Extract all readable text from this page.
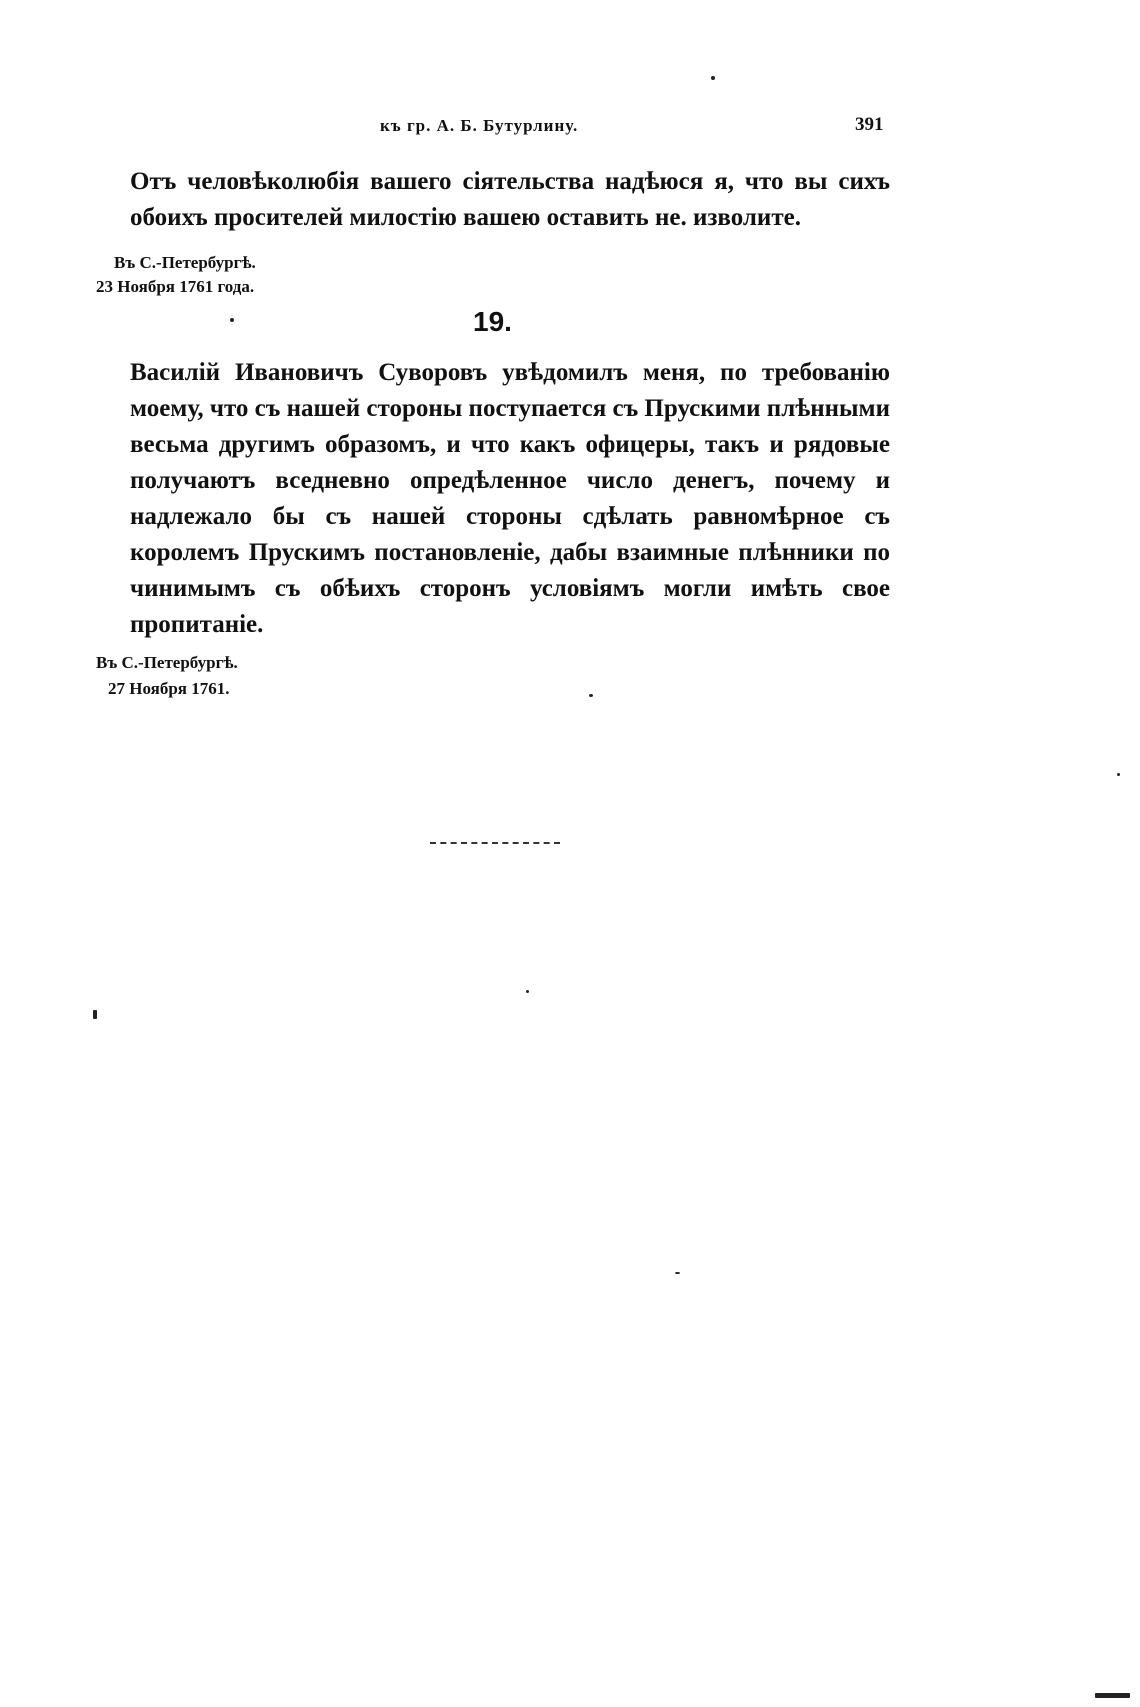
къ гр. А. Б. Бутурлину.	391

Отъ человѣколюбія вашего сіятельства надѣюся я, что вы сихъ обоихъ просителей милостію вашею оставить не. изволите.

Въ С.-Петербургѣ.

23 Ноября 1761 года.

19.

Василій Ивановичъ Суворовъ увѣдомилъ меня, по требованію моему, что съ нашей стороны поступается съ Прускими плѣнными весьма другимъ образомъ, и что какъ офицеры, такъ и рядовые получаютъ вседневно опредѣленное число денегъ, почему и надлежало бы съ нашей стороны сдѣлать равномѣрное съ королемъ Прускимъ постановленіе, дабы взаимные плѣнники по чинимымъ съ обѣихъ сторонъ условіямъ могли имѣть свое пропитаніе.

Въ С.-Петербургѣ.

27 Ноября 1761.
